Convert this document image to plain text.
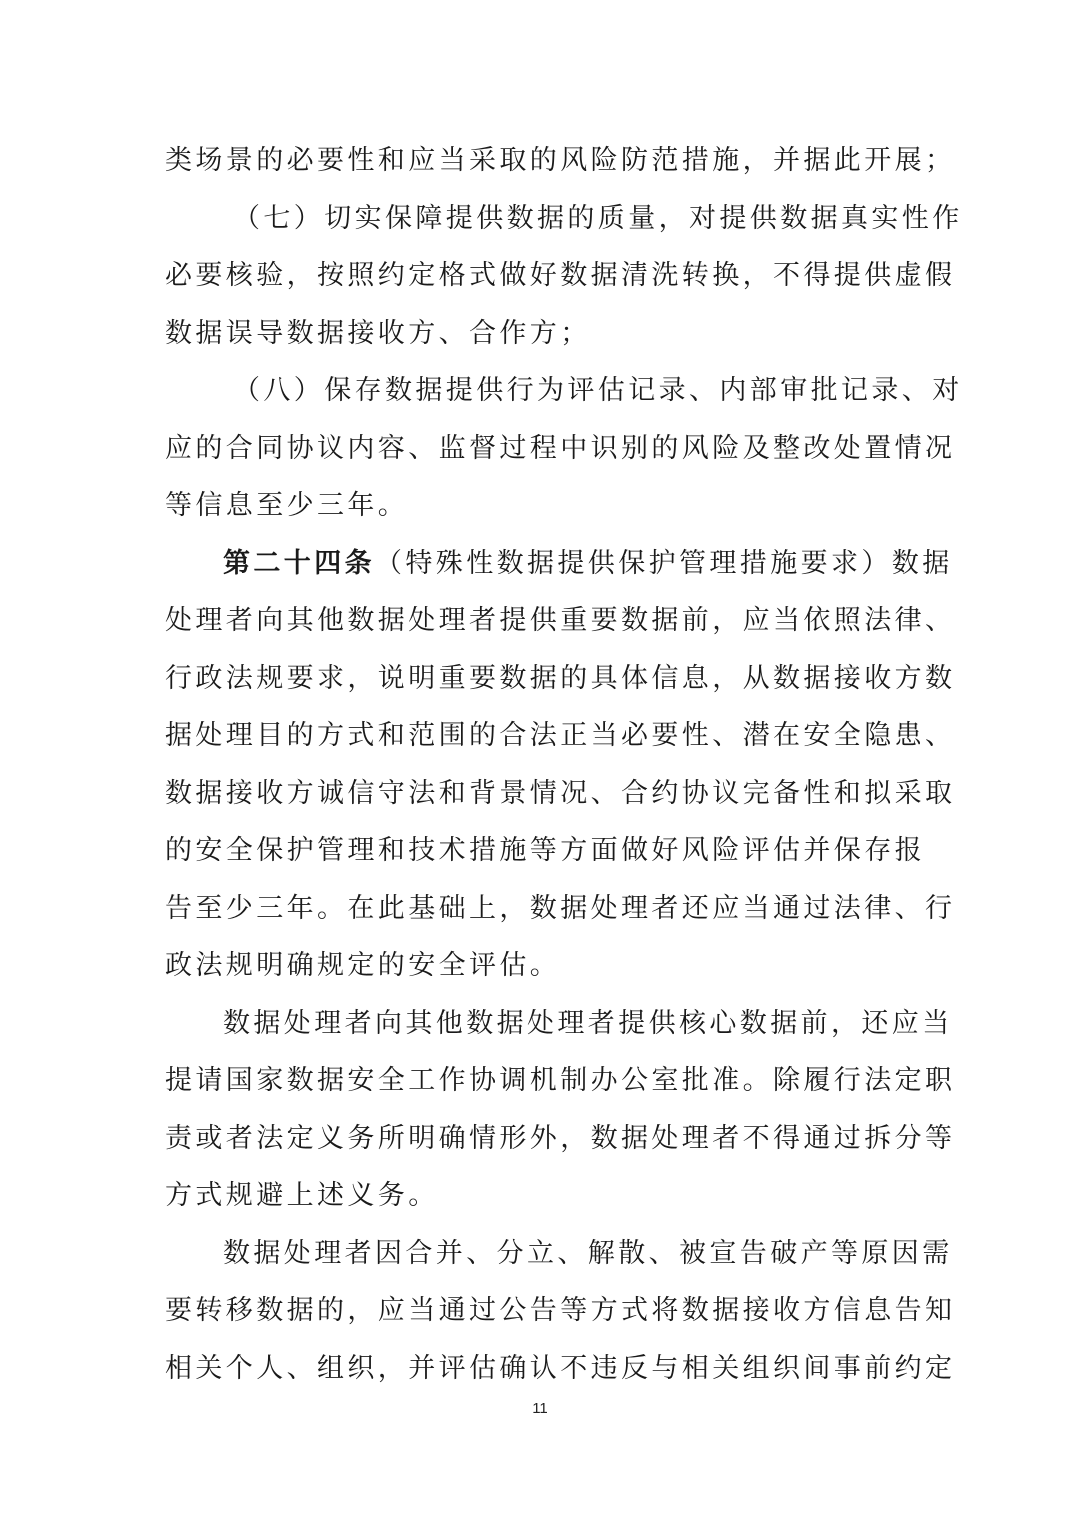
类场景的必要性和应当采取的风险防范措施，并据此开展；
（七）切实保障提供数据的质量，对提供数据真实性作
必要核验，按照约定格式做好数据清洗转换，不得提供虚假
数据误导数据接收方、合作方；
（八）保存数据提供行为评估记录、内部审批记录、对
应的合同协议内容、监督过程中识别的风险及整改处置情况
等信息至少三年。
第二十四条（特殊性数据提供保护管理措施要求）数据
处理者向其他数据处理者提供重要数据前，应当依照法律、
行政法规要求，说明重要数据的具体信息，从数据接收方数
据处理目的方式和范围的合法正当必要性、潜在安全隐患、
数据接收方诚信守法和背景情况、合约协议完备性和拟采取
的安全保护管理和技术措施等方面做好风险评估并保存报
告至少三年。在此基础上，数据处理者还应当通过法律、行
政法规明确规定的安全评估。
数据处理者向其他数据处理者提供核心数据前，还应当
提请国家数据安全工作协调机制办公室批准。除履行法定职
责或者法定义务所明确情形外，数据处理者不得通过拆分等
方式规避上述义务。
数据处理者因合并、分立、解散、被宣告破产等原因需
要转移数据的，应当通过公告等方式将数据接收方信息告知
相关个人、组织，并评估确认不违反与相关组织间事前约定
11
